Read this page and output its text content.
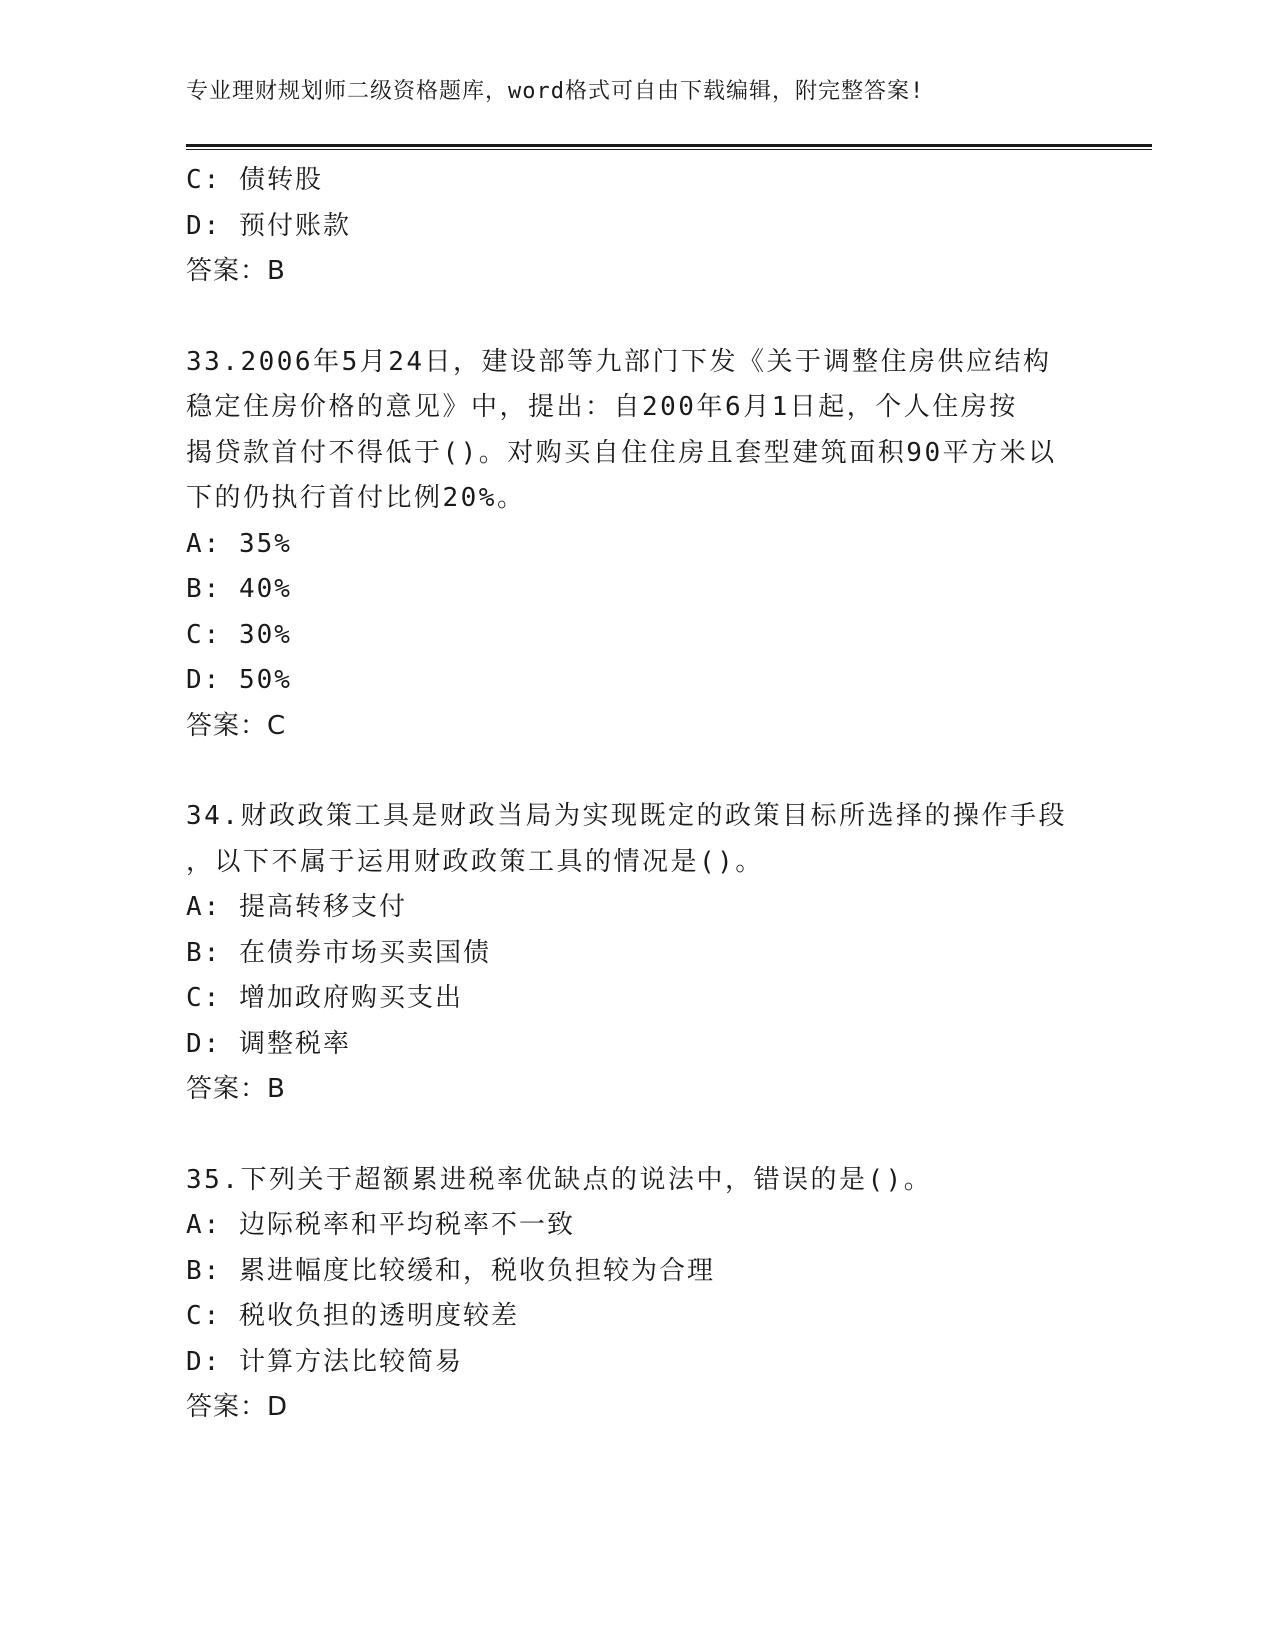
专业理财规划师二级资格题库，word格式可自由下载编辑，附完整答案!
C: 债转股
D: 预付账款
答案：B
33.2006年5月24日，建设部等九部门下发《关于调整住房供应结构
稳定住房价格的意见》中，提出：自200年6月1日起，个人住房按
揭贷款首付不得低于()。对购买自住住房且套型建筑面积90平方米以
下的仍执行首付比例20%。
A: 35%
B: 40%
C: 30%
D: 50%
答案：C
34.财政政策工具是财政当局为实现既定的政策目标所选择的操作手段
，以下不属于运用财政政策工具的情况是()。
A: 提高转移支付
B: 在债券市场买卖国债
C: 增加政府购买支出
D: 调整税率
答案：B
35.下列关于超额累进税率优缺点的说法中，错误的是()。
A: 边际税率和平均税率不一致
B: 累进幅度比较缓和，税收负担较为合理
C: 税收负担的透明度较差
D: 计算方法比较简易
答案：D
